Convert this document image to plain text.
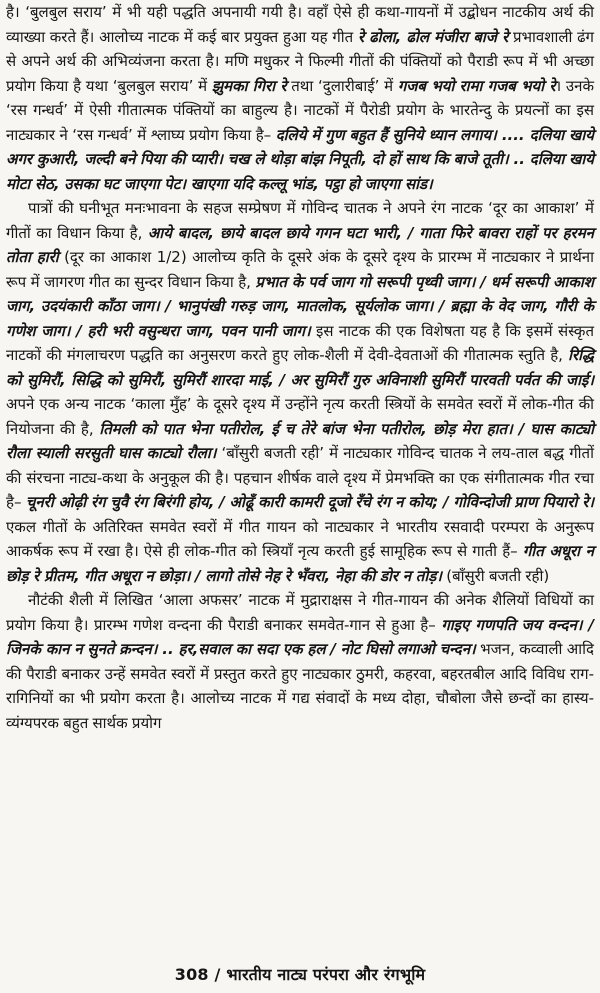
है। ‘बुलबुल सराय’ में भी यही पद्धति अपनायी गयी है। वहाँ ऐसे ही कथा-गायनों में उद्बोधन नाटकीय अर्थ की व्याख्या करते हैं। आलोच्य नाटक में कई बार प्रयुक्त हुआ यह गीत रे ढोला, ढोल मंजीरा बाजे रे प्रभावशाली ढंग से अपने अर्थ की अभिव्यंजना करता है। मणि मधुकर ने फिल्मी गीतों की पंक्तियों को पैराडी रूप में भी अच्छा प्रयोग किया है यथा ‘बुलबुल सराय’ में झुमका गिरा रे तथा ‘दुलारीबाई’ में गजब भयो रामा गजब भयो रे। उनके ‘रस गन्धर्व’ में ऐसी गीतात्मक पंक्तियों का बाहुल्य है। नाटकों में पैरोडी प्रयोग के भारतेन्दु के प्रयत्नों का इस नाट्यकार ने ‘रस गन्धर्व’ में श्लाघ्य प्रयोग किया है– दलिये में गुण बहुत हैं सुनिये ध्यान लगाय। .... दलिया खाये अगर कुआरी, जल्दी बने पिया की प्यारी। चख ले थोड़ा बांझ निपूती, दो हों साथ कि बाजे तूती। .. दलिया खाये मोटा सेठ, उसका घट जाएगा पेट। खाएगा यदि कल्लू भांड, पट्ठा हो जाएगा सांड।

पात्रों की घनीभूत मनःभावना के सहज सम्प्रेषण में गोविन्द चातक ने अपने रंग नाटक ‘दूर का आकाश’ में गीतों का विधान किया है, आये बादल, छाये बादल छाये गगन घटा भारी, / गाता फिरे बावरा राहों पर हरमन तोता हारी (दूर का आकाश 1/2) आलोच्य कृति के दूसरे अंक के दूसरे दृश्य के प्रारम्भ में नाट्यकार ने प्रार्थना रूप में जागरण गीत का सुन्दर विधान किया है, प्रभात के पर्व जाग गो सरूपी पृथ्वी जाग। / धर्म सरूपी आकाश जाग, उदयंकारी काँठा जाग। / भानुपंखी गरुड़ जाग, मातलोक, सूर्यलोक जाग। / ब्रह्मा के वेद जाग, गौरी के गणेश जाग। / हरी भरी वसुन्धरा जाग, पवन पानी जाग। इस नाटक की एक विशेषता यह है कि इसमें संस्कृत नाटकों की मंगलाचरण पद्धति का अनुसरण करते हुए लोक-शैली में देवी-देवताओं की गीतात्मक स्तुति है, रिद्धि को सुमिरौं, सिद्धि को सुमिरौं, सुमिरौं शारदा माई, / अर सुमिरौं गुरु अविनाशी सुमिरौं पारवती पर्वत की जाई। अपने एक अन्य नाटक ‘काला मुँह’ के दूसरे दृश्य में उन्होंने नृत्य करती स्त्रियों के समवेत स्वरों में लोक-गीत की नियोजना की है, तिमली को पात भेना पतीरोल, ई च तेरे बांज भेना पतीरोल, छोड़ मेरा हात। / घास काट्यो रौला स्याली सरसुती घास काट्यो रौला। ‘बाँसुरी बजती रही’ में नाट्यकार गोविन्द चातक ने लय-ताल बद्ध गीतों की संरचना नाट्य-कथा के अनुकूल की है। पहचान शीर्षक वाले दृश्य में प्रेमभक्ति का एक संगीतात्मक गीत रचा है– चूनरी ओढ़ी रंग चुवै रंग बिरंगी होय, / ओढूँ कारी कामरी दूजो रँचे रंग न कोय; / गोविन्दोजी प्राण पियारो रे। एकल गीतों के अतिरिक्त समवेत स्वरों में गीत गायन को नाट्यकार ने भारतीय रसवादी परम्परा के अनुरूप आकर्षक रूप में रखा है। ऐसे ही लोक-गीत को स्त्रियाँ नृत्य करती हुई सामूहिक रूप से गाती हैं– गीत अधूरा न छोड़ रे प्रीतम, गीत अधूरा न छोड़ा। / लागो तोसे नेह रे भँवरा, नेहा की डोर न तोड़। (बाँसुरी बजती रही)

नौटंकी शैली में लिखित ‘आला अफसर’ नाटक में मुद्राराक्षस ने गीत-गायन की अनेक शैलियों विधियों का प्रयोग किया है। प्रारम्भ गणेश वन्दना की पैराडी बनाकर समवेत-गान से हुआ है– गाइए गणपति जय वन्दन। / जिनके कान न सुनते क्रन्दन। .. हर,सवाल का सदा एक हल / नोट घिसो लगाओ चन्दन। भजन, कव्वाली आदि की पैराडी बनाकर उन्हें समवेत स्वरों में प्रस्तुत करते हुए नाट्यकार ठुमरी, कहरवा, बहरतबील आदि विविध राग-रागिनियों का भी प्रयोग करता है। आलोच्य नाटक में गद्य संवादों के मध्य दोहा, चौबोला जैसे छन्दों का हास्य-व्यंग्यपरक बहुत सार्थक प्रयोग

308 / भारतीय नाट्य परंपरा और रंगभूमि
